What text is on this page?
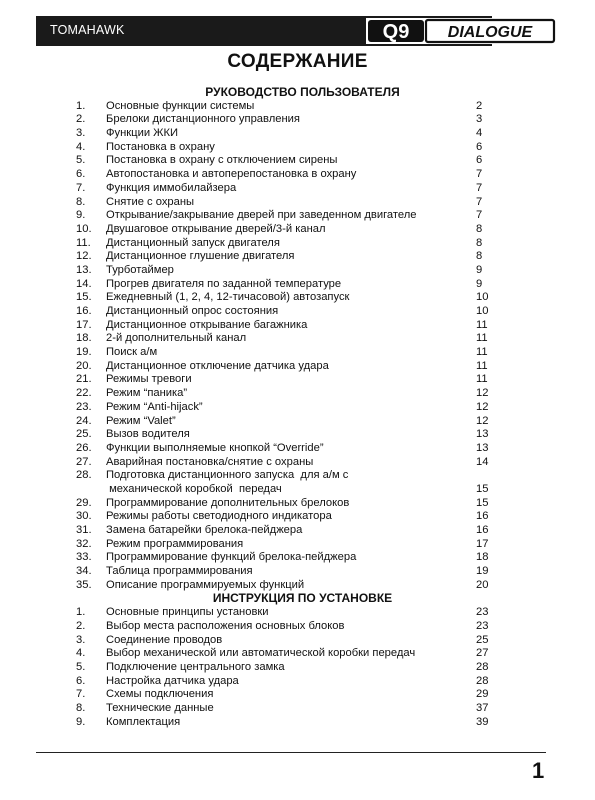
TOMAHAWK	Q9 DIALOGUE
СОДЕРЖАНИЕ
РУКОВОДСТВО ПОЛЬЗОВАТЕЛЯ
1. Основные функции системы	2
2. Брелоки дистанционного управления	3
3. Функции ЖКИ	4
4. Постановка в охрану	6
5. Постановка в охрану с отключением сирены	6
6. Автопостановка и автоперепостановка в охрану	7
7. Функция иммобилайзера	7
8. Снятие с охраны	7
9. Открывание/закрывание дверей при заведенном двигателе	7
10. Двушаговое открывание дверей/3-й канал	8
11. Дистанционный запуск двигателя	8
12. Дистанционное глушение двигателя	8
13. Турботаймер	9
14. Прогрев двигателя по заданной температуре	9
15. Ежедневный (1, 2, 4, 12-тичасовой) автозапуск	10
16. Дистанционный опрос состояния	10
17. Дистанционное открывание багажника	11
18. 2-й дополнительный канал	11
19. Поиск а/м	11
20. Дистанционное отключение датчика удара	11
21. Режимы тревоги	11
22. Режим “паника”	12
23. Режим “Anti-hijack”	12
24. Режим “Valet”	12
25. Вызов водителя	13
26. Функции выполняемые кнопкой “Override”	13
27. Аварийная постановка/снятие с охраны	14
28. Подготовка дистанционного запуска  для а/м с
механической коробкой  передач	15
29. Программирование дополнительных брелоков	15
30. Режимы работы светодиодного индикатора	16
31. Замена батарейки брелока-пейджера	16
32. Режим программирования	17
33. Программирование функций брелока-пейджера	18
34. Таблица программирования	19
35. Описание программируемых функций	20
ИНСТРУКЦИЯ ПО УСТАНОВКЕ
1. Основные принципы установки	23
2. Выбор места расположения основных блоков	23
3. Соединение проводов	25
4. Выбор механической или автоматической коробки передач	27
5. Подключение центрального замка	28
6. Настройка датчика удара	28
7. Схемы подключения	29
8. Технические данные	37
9. Комплектация	39
1
